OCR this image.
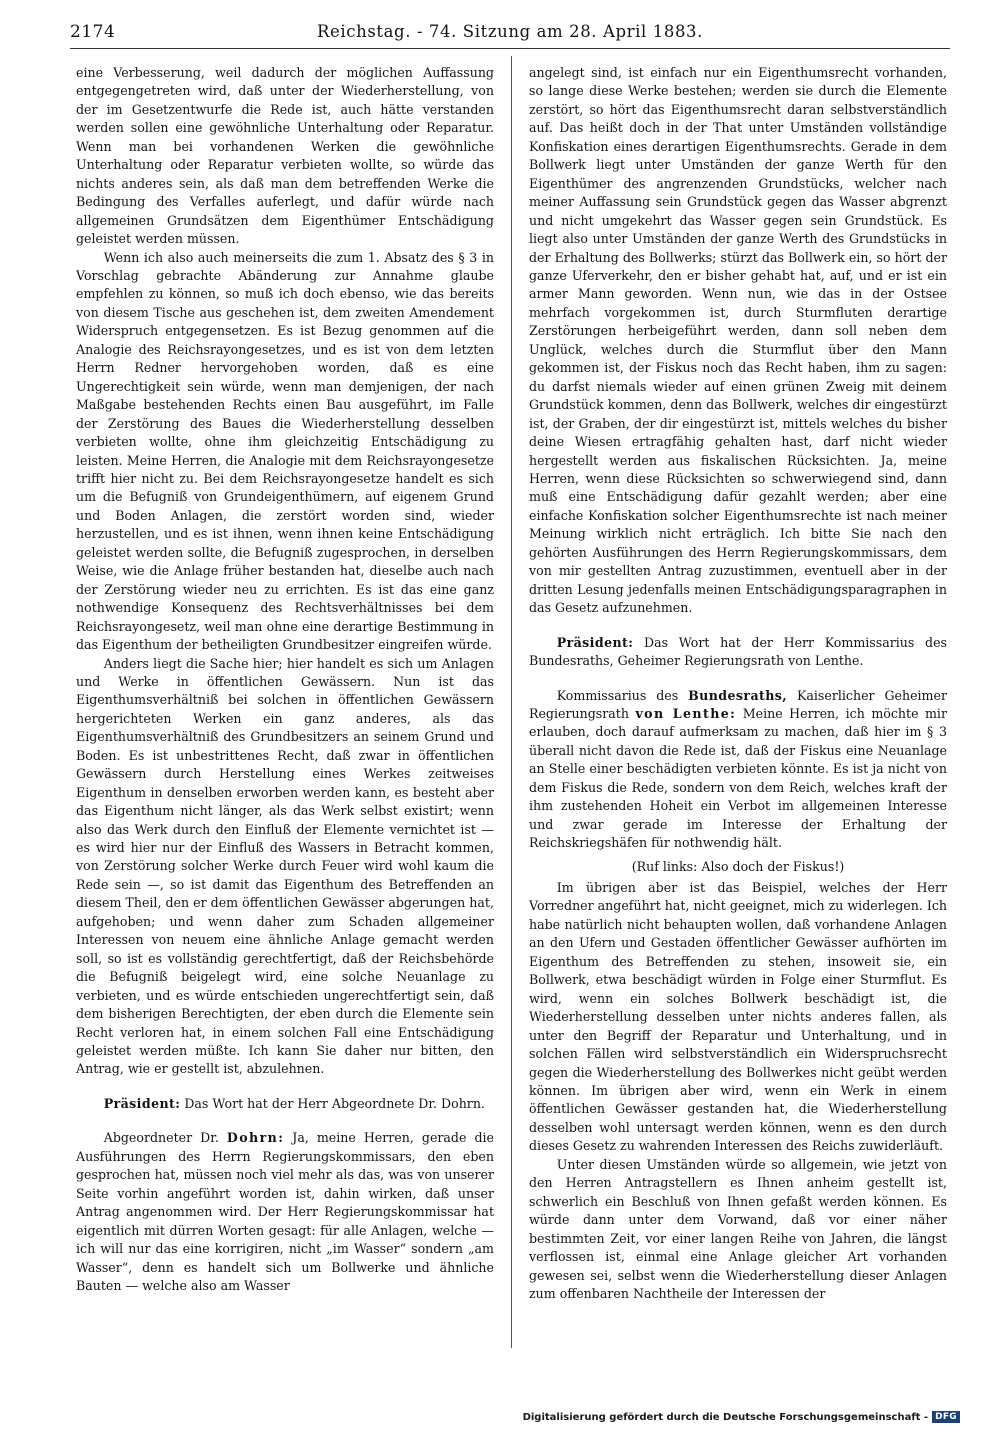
2174	Reichstag. - 74. Sitzung am 28. April 1883.

eine Verbesserung, weil dadurch der möglichen Auffassung entgegengetreten wird, daß unter der Wiederherstellung, von der im Gesetzentwurfe die Rede ist, auch hätte verstanden werden sollen eine gewöhnliche Unterhaltung oder Reparatur. Wenn man bei vorhandenen Werken die gewöhnliche Unterhaltung oder Reparatur verbieten wollte, so würde das nichts anderes sein, als daß man dem betreffenden Werke die Bedingung des Verfalles auferlegt, und dafür würde nach allgemeinen Grundsätzen dem Eigenthümer Entschädigung geleistet werden müssen.

Wenn ich also auch meinerseits die zum 1. Absatz des § 3 in Vorschlag gebrachte Abänderung zur Annahme glaube empfehlen zu können, so muß ich doch ebenso, wie das bereits von diesem Tische aus geschehen ist, dem zweiten Amendement Widerspruch entgegensetzen. Es ist Bezug genommen auf die Analogie des Reichsrayongesetzes, und es ist von dem letzten Herrn Redner hervorgehoben worden, daß es eine Ungerechtigkeit sein würde, wenn man demjenigen, der nach Maßgabe bestehenden Rechts einen Bau ausgeführt, im Falle der Zerstörung des Baues die Wiederherstellung desselben verbieten wollte, ohne ihm gleichzeitig Entschädigung zu leisten. Meine Herren, die Analogie mit dem Reichsrayongesetze trifft hier nicht zu. Bei dem Reichsrayongesetze handelt es sich um die Befugniß von Grundeigenthümern, auf eigenem Grund und Boden Anlagen, die zerstört worden sind, wieder herzustellen, und es ist ihnen, wenn ihnen keine Entschädigung geleistet werden sollte, die Befugniß zugesprochen, in derselben Weise, wie die Anlage früher bestanden hat, dieselbe auch nach der Zerstörung wieder neu zu errichten. Es ist das eine ganz nothwendige Konsequenz des Rechtsverhältnisses bei dem Reichsrayongesetz, weil man ohne eine derartige Bestimmung in das Eigenthum der betheiligten Grundbesitzer eingreifen würde.

Anders liegt die Sache hier; hier handelt es sich um Anlagen und Werke in öffentlichen Gewässern. Nun ist das Eigenthumsverhältniß bei solchen in öffentlichen Gewässern hergerichteten Werken ein ganz anderes, als das Eigenthumsverhältniß des Grundbesitzers an seinem Grund und Boden. Es ist unbestrittenes Recht, daß zwar in öffentlichen Gewässern durch Herstellung eines Werkes zeitweises Eigenthum in denselben erworben werden kann, es besteht aber das Eigenthum nicht länger, als das Werk selbst existirt; wenn also das Werk durch den Einfluß der Elemente vernichtet ist — es wird hier nur der Einfluß des Wassers in Betracht kommen, von Zerstörung solcher Werke durch Feuer wird wohl kaum die Rede sein —, so ist damit das Eigenthum des Betreffenden an diesem Theil, den er dem öffentlichen Gewässer abgerungen hat, aufgehoben; und wenn daher zum Schaden allgemeiner Interessen von neuem eine ähnliche Anlage gemacht werden soll, so ist es vollständig gerechtfertigt, daß der Reichsbehörde die Befugniß beigelegt wird, eine solche Neuanlage zu verbieten, und es würde entschieden ungerechtfertigt sein, daß dem bisherigen Berechtigten, der eben durch die Elemente sein Recht verloren hat, in einem solchen Fall eine Entschädigung geleistet werden müßte. Ich kann Sie daher nur bitten, den Antrag, wie er gestellt ist, abzulehnen.

Präsident: Das Wort hat der Herr Abgeordnete Dr. Dohrn.

Abgeordneter Dr. Dohrn: Ja, meine Herren, gerade die Ausführungen des Herrn Regierungskommissars, den eben gesprochen hat, müssen noch viel mehr als das, was von unserer Seite vorhin angeführt worden ist, dahin wirken, daß unser Antrag angenommen wird. Der Herr Regierungskommissar hat eigentlich mit dürren Worten gesagt: für alle Anlagen, welche — ich will nur das eine korrigiren, nicht „im Wasser“ sondern „am Wasser“, denn es handelt sich um Bollwerke und ähnliche Bauten — welche also am Wasser

angelegt sind, ist einfach nur ein Eigenthumsrecht vorhanden, so lange diese Werke bestehen; werden sie durch die Elemente zerstört, so hört das Eigenthumsrecht daran selbstverständlich auf. Das heißt doch in der That unter Umständen vollständige Konfiskation eines derartigen Eigenthumsrechts. Gerade in dem Bollwerk liegt unter Umständen der ganze Werth für den Eigenthümer des angrenzenden Grundstücks, welcher nach meiner Auffassung sein Grundstück gegen das Wasser abgrenzt und nicht umgekehrt das Wasser gegen sein Grundstück. Es liegt also unter Umständen der ganze Werth des Grundstücks in der Erhaltung des Bollwerks; stürzt das Bollwerk ein, so hört der ganze Uferverkehr, den er bisher gehabt hat, auf, und er ist ein armer Mann geworden. Wenn nun, wie das in der Ostsee mehrfach vorgekommen ist, durch Sturmfluten derartige Zerstörungen herbeigeführt werden, dann soll neben dem Unglück, welches durch die Sturmflut über den Mann gekommen ist, der Fiskus noch das Recht haben, ihm zu sagen: du darfst niemals wieder auf einen grünen Zweig mit deinem Grundstück kommen, denn das Bollwerk, welches dir eingestürzt ist, der Graben, der dir eingestürzt ist, mittels welches du bisher deine Wiesen ertragfähig gehalten hast, darf nicht wieder hergestellt werden aus fiskalischen Rücksichten. Ja, meine Herren, wenn diese Rücksichten so schwerwiegend sind, dann muß eine Entschädigung dafür gezahlt werden; aber eine einfache Konfiskation solcher Eigenthumsrechte ist nach meiner Meinung wirklich nicht erträglich. Ich bitte Sie nach den gehörten Ausführungen des Herrn Regierungskommissars, dem von mir gestellten Antrag zuzustimmen, eventuell aber in der dritten Lesung jedenfalls meinen Entschädigungsparagraphen in das Gesetz aufzunehmen.

Präsident: Das Wort hat der Herr Kommissarius des Bundesraths, Geheimer Regierungsrath von Lenthe.

Kommissarius des Bundesraths, Kaiserlicher Geheimer Regierungsrath von Lenthe: Meine Herren, ich möchte mir erlauben, doch darauf aufmerksam zu machen, daß hier im § 3 überall nicht davon die Rede ist, daß der Fiskus eine Neuanlage an Stelle einer beschädigten verbieten könnte. Es ist ja nicht von dem Fiskus die Rede, sondern von dem Reich, welches kraft der ihm zustehenden Hoheit ein Verbot im allgemeinen Interesse und zwar gerade im Interesse der Erhaltung der Reichskriegshäfen für nothwendig hält.

(Ruf links: Also doch der Fiskus!)

Im übrigen aber ist das Beispiel, welches der Herr Vorredner angeführt hat, nicht geeignet, mich zu widerlegen. Ich habe natürlich nicht behaupten wollen, daß vorhandene Anlagen an den Ufern und Gestaden öffentlicher Gewässer aufhörten im Eigenthum des Betreffenden zu stehen, insoweit sie, ein Bollwerk, etwa beschädigt würden in Folge einer Sturmflut. Es wird, wenn ein solches Bollwerk beschädigt ist, die Wiederherstellung desselben unter nichts anderes fallen, als unter den Begriff der Reparatur und Unterhaltung, und in solchen Fällen wird selbstverständlich ein Widerspruchsrecht gegen die Wiederherstellung des Bollwerkes nicht geübt werden können. Im übrigen aber wird, wenn ein Werk in einem öffentlichen Gewässer gestanden hat, die Wiederherstellung desselben wohl untersagt werden können, wenn es den durch dieses Gesetz zu wahrenden Interessen des Reichs zuwiderläuft.

Unter diesen Umständen würde so allgemein, wie jetzt von den Herren Antragstellern es Ihnen anheim gestellt ist, schwerlich ein Beschluß von Ihnen gefaßt werden können. Es würde dann unter dem Vorwand, daß vor einer näher bestimmten Zeit, vor einer langen Reihe von Jahren, die längst verflossen ist, einmal eine Anlage gleicher Art vorhanden gewesen sei, selbst wenn die Wiederherstellung dieser Anlagen zum offenbaren Nachtheile der Interessen der

Digitalisierung gefördert durch die Deutsche Forschungsgemeinschaft - DFG
